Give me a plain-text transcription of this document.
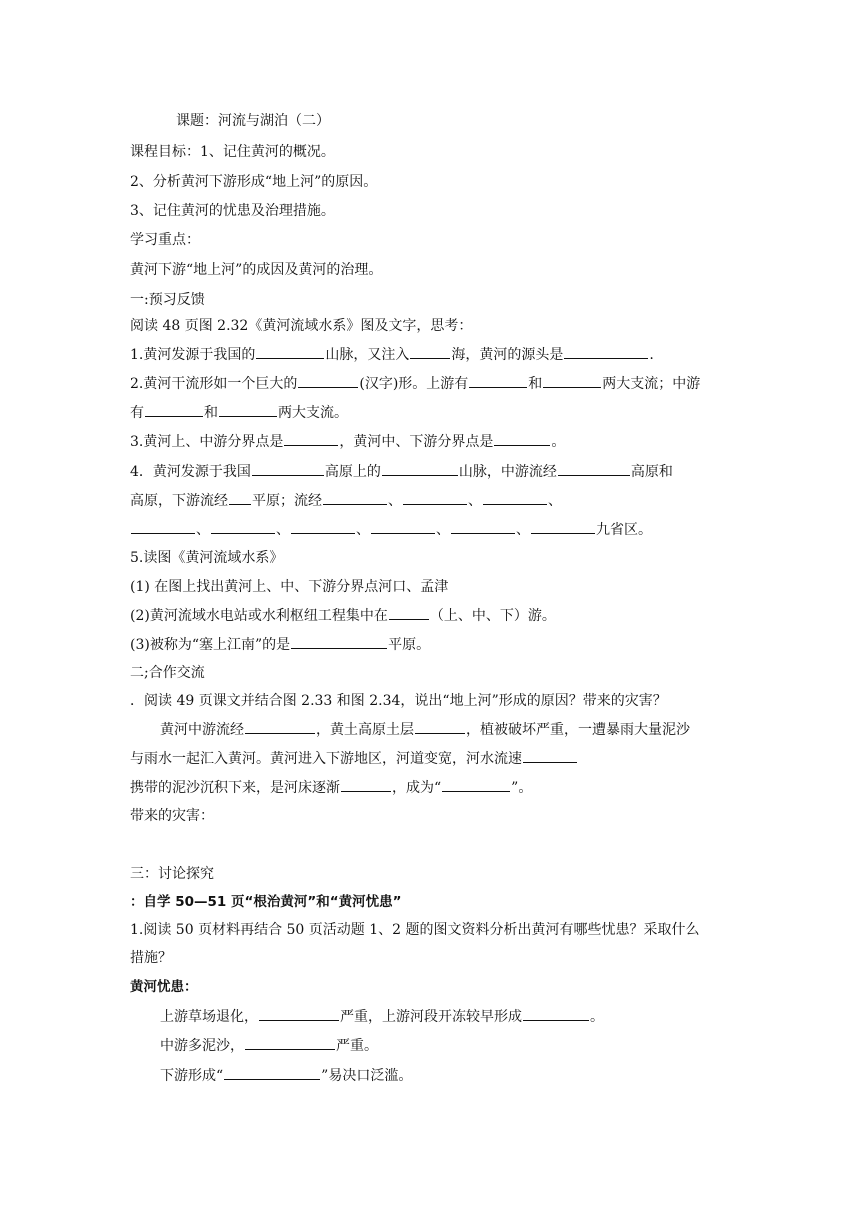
课题：河流与湖泊（二）
课程目标：1、记住黄河的概况。
2、分析黄河下游形成“地上河”的原因。
3、记住黄河的忧患及治理措施。
学习重点：
黄河下游“地上河”的成因及黄河的治理。
一:预习反馈
阅读 48 页图 2.32《黄河流域水系》图及文字，思考：
1.黄河发源于我国的	山脉，又注入	海，黄河的源头是	.
2.黄河干流形如一个巨大的	(汉字)形。上游有	和	两大支流；中游
有	和	两大支流。
3.黄河上、中游分界点是	，黄河中、下游分界点是	。
4．黄河发源于我国	高原上的	山脉，中游流经	高原和
高原，下游流经 平原；流经	、	、	、
、	、	、	、	、	九省区。
5.读图《黄河流域水系》
(1) 在图上找出黄河上、中、下游分界点河口、孟津
(2)黄河流域水电站或水利枢纽工程集中在	（上、中、下）游。
(3)被称为“塞上江南”的是	平原。
二;合作交流
．阅读 49 页课文并结合图 2.33 和图 2.34，说出“地上河”形成的原因？带来的灾害？
黄河中游流经	，黄土高原土层	，植被破坏严重，一遭暴雨大量泥沙
与雨水一起汇入黄河。黄河进入下游地区，河道变宽，河水流速
携带的泥沙沉积下来，是河床逐渐	，成为“	”。
带来的灾害：
三：讨论探究
：自学 50—51 页“根治黄河”和“黄河忧患”
1.阅读 50 页材料再结合 50 页活动题 1、2 题的图文资料分析出黄河有哪些忧患？采取什么
措施？
黄河忧患：
上游草场退化，	严重，上游河段开冻较早形成	。
中游多泥沙，	严重。
下游形成“	”易决口泛滥。
